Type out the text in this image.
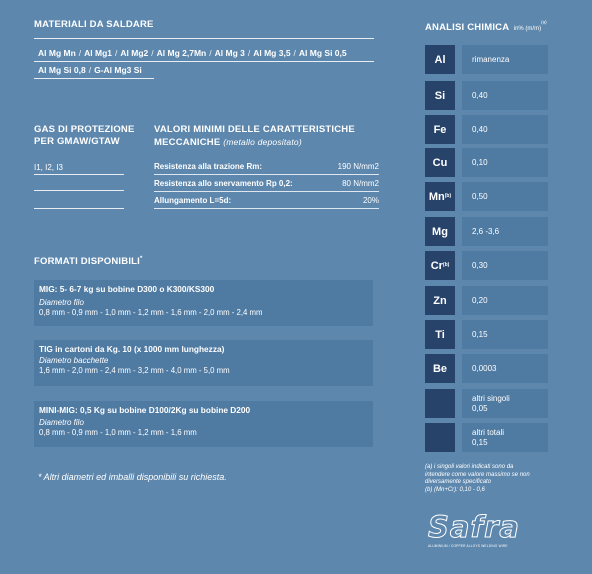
MATERIALI DA SALDARE
Al Mg Mn / Al Mg1 / Al Mg2 / Al Mg 2,7Mn / Al Mg 3 / Al Mg 3,5 / Al Mg Si 0,5
Al Mg Si 0,8 / G-Al Mg3 Si
GAS DI PROTEZIONE
PER GMAW/GTAW
I1, I2, I3
VALORI MINIMI DELLE CARATTERISTICHE
MECCANICHE (metallo depositato)
Resistenza alla trazione Rm:	190 N/mm2
Resistenza allo snervamento Rp 0,2:	80 N/mm2
Allungamento L=5d:	20%
FORMATI DISPONIBILI*
MIG: 5- 6-7 kg su bobine D300 o K300/KS300
Diametro filo
0,8 mm - 0,9 mm - 1,0 mm - 1,2 mm - 1,6 mm - 2,0 mm - 2,4 mm
TIG in cartoni da Kg. 10 (x 1000 mm lunghezza)
Diametro bacchette
1,6 mm - 2,0 mm - 2,4 mm - 3,2 mm - 4,0 mm - 5,0 mm
MINI-MIG: 0,5 Kg su bobine D100/2Kg su bobine D200
Diametro filo
0,8 mm - 0,9 mm - 1,0 mm - 1,2 mm - 1,6 mm
* Altri diametri ed imballi disponibili su richiesta.
ANALISI CHIMICA in% $(m/m)^{(a)}$
Al	rimanenza
Si	0,40
Fe	0,40
Cu	0,10
Mn$^{(b)}$	0,50
Mg	2,6 -3,6
Cr$^{(b)}$	0,30
Zn	0,20
Ti	0,15
Be	0,0003
altri singoli
0,05
altri totali
0,15
(a) i singoli valori indicati sono da
intendere come valore massimo se non
diversamente specificato
(b) (Mn+Cr): 0,10 - 0,6
Safra
ALUMINIUM / COPPER ALLOYS WELDING WIRE
